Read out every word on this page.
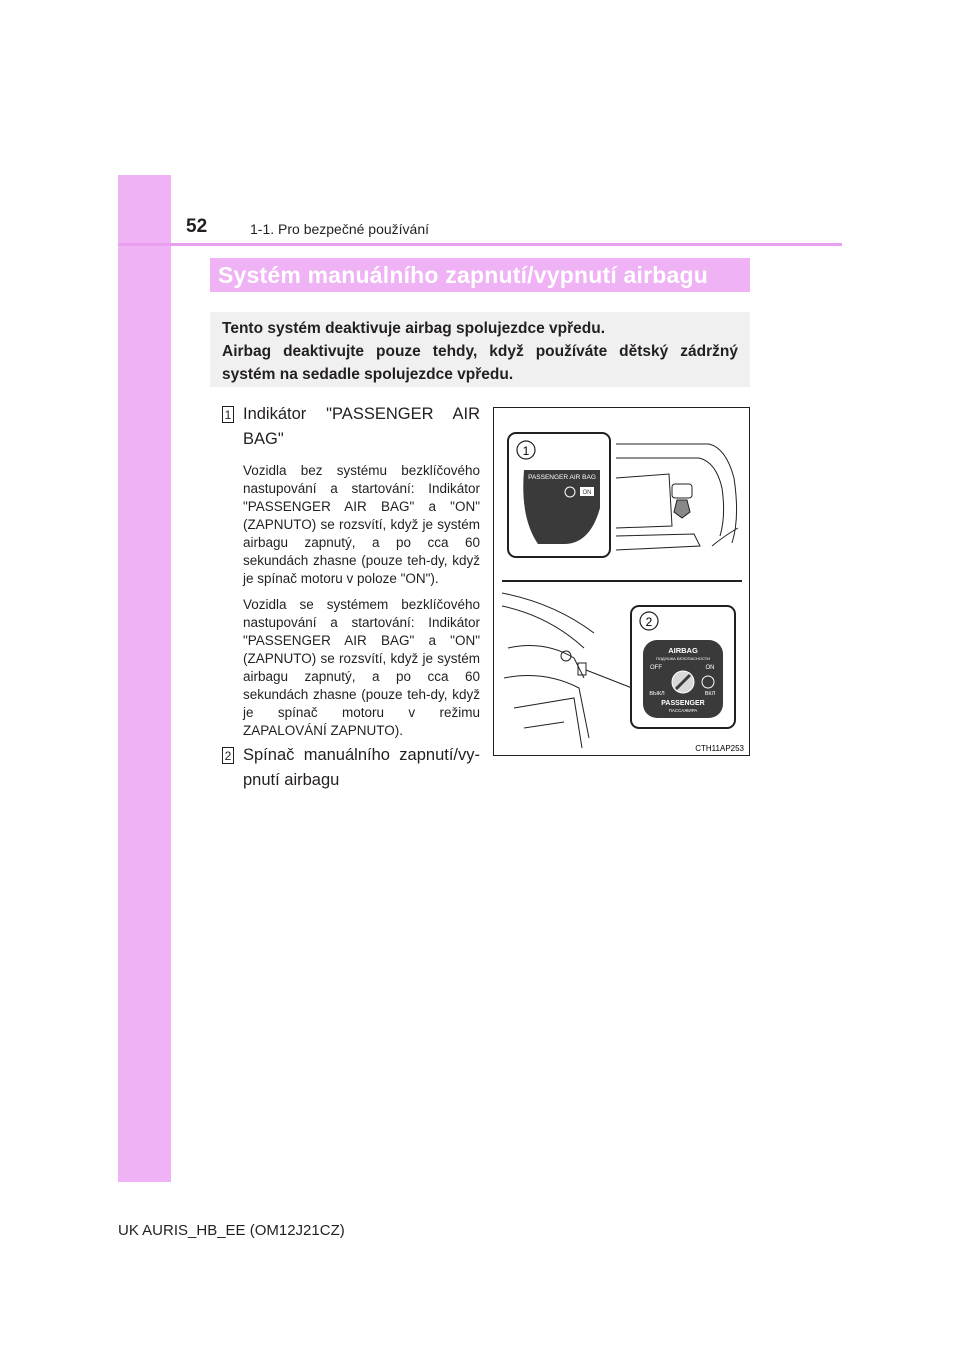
52	1-1. Pro bezpečné používání
Systém manuálního zapnutí/vypnutí airbagu

Tento systém deaktivuje airbag spolujezdce vpředu.

Airbag deaktivujte pouze tehdy, když používáte dětský zádržný systém na sedadle spolujezdce vpředu.

1 Indikátor "PASSENGER AIR BAG"
Vozidla bez systému bezklíčového nastupování a startování: Indikátor "PASSENGER AIR BAG" a "ON" (ZAPNUTO) se rozsvítí, když je systém airbagu zapnutý, a po cca 60 sekundách zhasne (pouze teh-dy, když je spínač motoru v poloze "ON").
Vozidla se systémem bezklíčového nastupování a startování: Indikátor "PASSENGER AIR BAG" a "ON" (ZAPNUTO) se rozsvítí, když je systém airbagu zapnutý, a po cca 60 sekundách zhasne (pouze teh-dy, když je spínač motoru v režimu ZAPALOVÁNÍ ZAPNUTO).
2 Spínač manuálního zapnutí/vy-pnutí airbagu
1
PASSENGER AIR BAG
ON
2
AIRBAG
ПОДУШКА БЕЗОПАСНОСТИ
OFF	ON
ВЫКЛ	ВКЛ
PASSENGER
ПАССАЖИРА
CTH11AP253
UK AURIS_HB_EE (OM12J21CZ)
